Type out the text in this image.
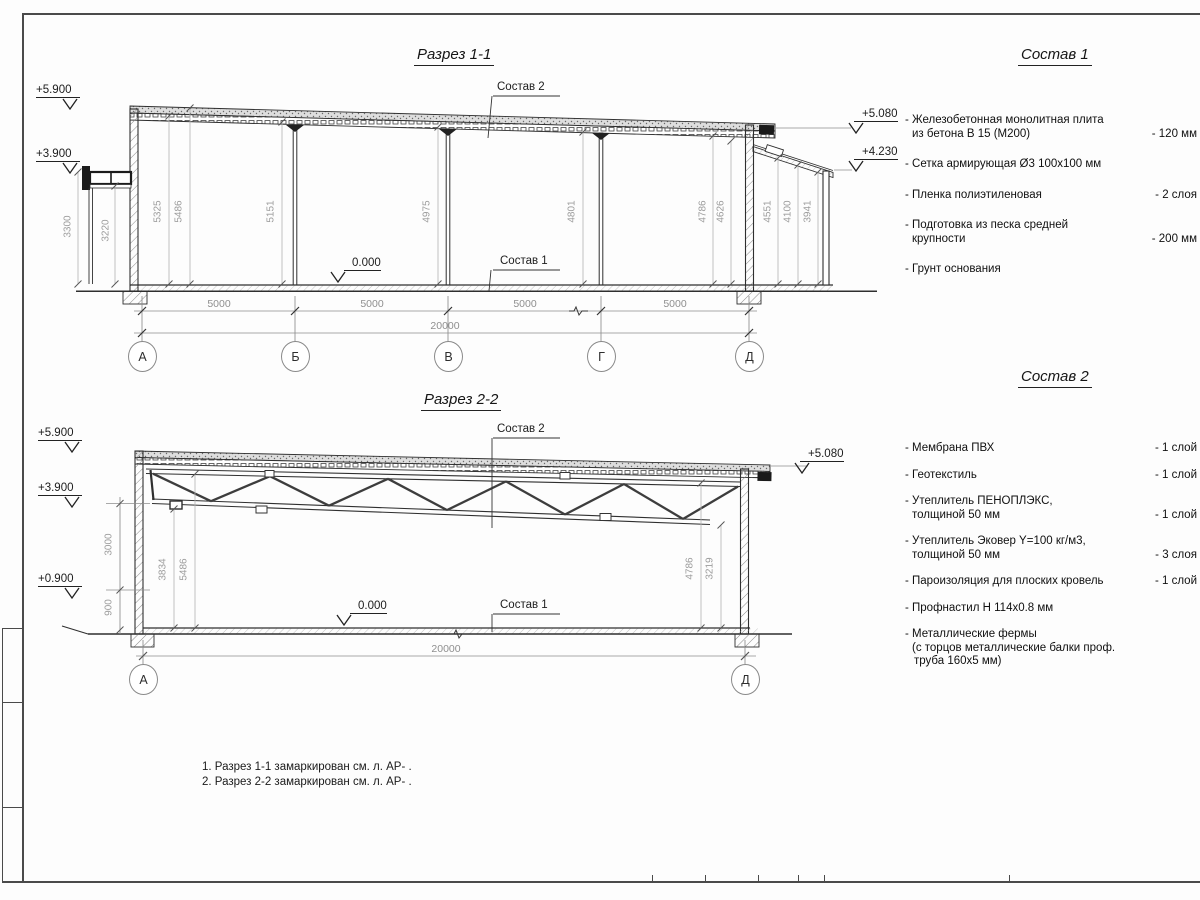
Разрез 1-1
Разрез 2-2
Состав 1
Состав 2
Состав 2
Состав 1
Состав 2
Состав 1
+5.900
+3.900
+5.080
+4.230
0.000
+5.900
+3.900
+0.900
+5.080
0.000
3300	3220
5325 5486	5151	4975	4801	4786 4626	4551 4100 3941
5000	5000	5000	5000
20000
А	Б	В	Г	Д
3000
900
3834 5486	4786 3219
20000
А	Д
- Железобетонная монолитная плита
из бетона В 15 (М200)	- 120 мм
- Сетка армирующая Ø3 100х100 мм
- Пленка полиэтиленовая	- 2 слоя
- Подготовка из песка средней
крупности	- 200 мм
- Грунт основания
- Мембрана ПВХ	- 1 слой
- Геотекстиль	- 1 слой
- Утеплитель ПЕНОПЛЭКС,
толщиной 50 мм	- 1 слой
- Утеплитель Эковер Y=100 кг/м3,
толщиной 50 мм	- 3 слоя
- Пароизоляция для плоских кровель	- 1 слой
- Профнастил Н 114х0.8 мм
- Металлические фермы
(с торцов металлические балки проф.
труба 160х5 мм)
1. Разрез 1-1 замаркирован см. л. АР- .
2. Разрез 2-2 замаркирован см. л. АР- .
